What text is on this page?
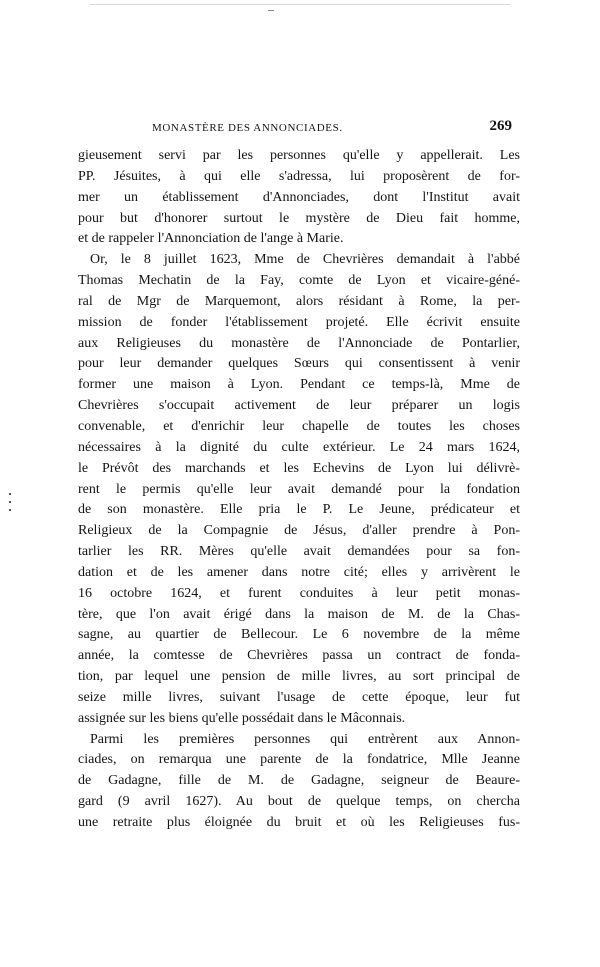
MONASTÈRE DES ANNONCIADES.	269
gieusement servi par les personnes qu'elle y appellerait. Les
PP. Jésuites, à qui elle s'adressa, lui proposèrent de for-
mer un établissement d'Annonciades, dont l'Institut avait
pour but d'honorer surtout le mystère de Dieu fait homme,
et de rappeler l'Annonciation de l'ange à Marie.
Or, le 8 juillet 1623, Mme de Chevrières demandait à l'abbé
Thomas Mechatin de la Fay, comte de Lyon et vicaire-géné-
ral de Mgr de Marquemont, alors résidant à Rome, la per-
mission de fonder l'établissement projeté. Elle écrivit ensuite
aux Religieuses du monastère de l'Annonciade de Pontarlier,
pour leur demander quelques Sœurs qui consentissent à venir
former une maison à Lyon. Pendant ce temps-là, Mme de
Chevrières s'occupait activement de leur préparer un logis
convenable, et d'enrichir leur chapelle de toutes les choses
nécessaires à la dignité du culte extérieur. Le 24 mars 1624,
le Prévôt des marchands et les Echevins de Lyon lui délivrè-
rent le permis qu'elle leur avait demandé pour la fondation
de son monastère. Elle pria le P. Le Jeune, prédicateur et
Religieux de la Compagnie de Jésus, d'aller prendre à Pon-
tarlier les RR. Mères qu'elle avait demandées pour sa fon-
dation et de les amener dans notre cité; elles y arrivèrent le
16 octobre 1624, et furent conduites à leur petit monas-
tère, que l'on avait érigé dans la maison de M. de la Chas-
sagne, au quartier de Bellecour. Le 6 novembre de la même
année, la comtesse de Chevrières passa un contract de fonda-
tion, par lequel une pension de mille livres, au sort principal de
seize mille livres, suivant l'usage de cette époque, leur fut
assignée sur les biens qu'elle possédait dans le Mâconnais.
Parmi les premières personnes qui entrèrent aux Annon-
ciades, on remarqua une parente de la fondatrice, Mlle Jeanne
de Gadagne, fille de M. de Gadagne, seigneur de Beaure-
gard (9 avril 1627). Au bout de quelque temps, on chercha
une retraite plus éloignée du bruit et où les Religieuses fus-
